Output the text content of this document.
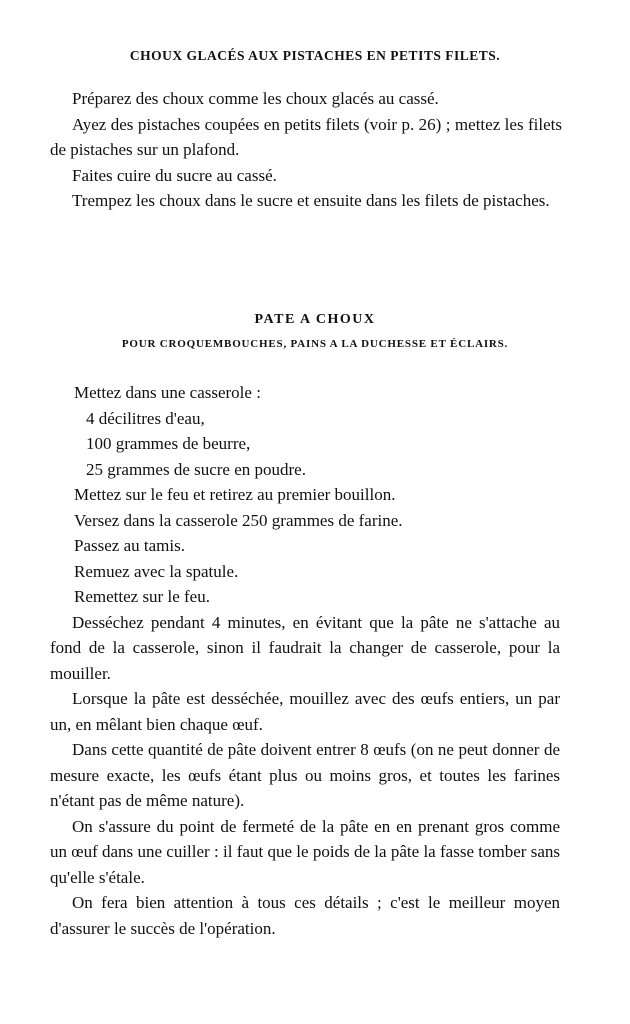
CHOUX GLACÉS AUX PISTACHES EN PETITS FILETS.

Préparez des choux comme les choux glacés au cassé.

Ayez des pistaches coupées en petits filets (voir p. 26) ; mettez les filets de pistaches sur un plafond.

Faites cuire du sucre au cassé.

Trempez les choux dans le sucre et ensuite dans les filets de pistaches.

PATE A CHOUX
POUR CROQUEMBOUCHES, PAINS A LA DUCHESSE ET ÉCLAIRS.

Mettez dans une casserole :

4 décilitres d'eau,

100 grammes de beurre,

25 grammes de sucre en poudre.

Mettez sur le feu et retirez au premier bouillon.

Versez dans la casserole 250 grammes de farine.

Passez au tamis.

Remuez avec la spatule.

Remettez sur le feu.

Desséchez pendant 4 minutes, en évitant que la pâte ne s'attache au fond de la casserole, sinon il faudrait la changer de casserole, pour la mouiller.

Lorsque la pâte est desséchée, mouillez avec des œufs entiers, un par un, en mêlant bien chaque œuf.

Dans cette quantité de pâte doivent entrer 8 œufs (on ne peut donner de mesure exacte, les œufs étant plus ou moins gros, et toutes les farines n'étant pas de même nature).

On s'assure du point de fermeté de la pâte en en prenant gros comme un œuf dans une cuiller : il faut que le poids de la pâte la fasse tomber sans qu'elle s'étale.

On fera bien attention à tous ces détails ; c'est le meilleur moyen d'assurer le succès de l'opération.
